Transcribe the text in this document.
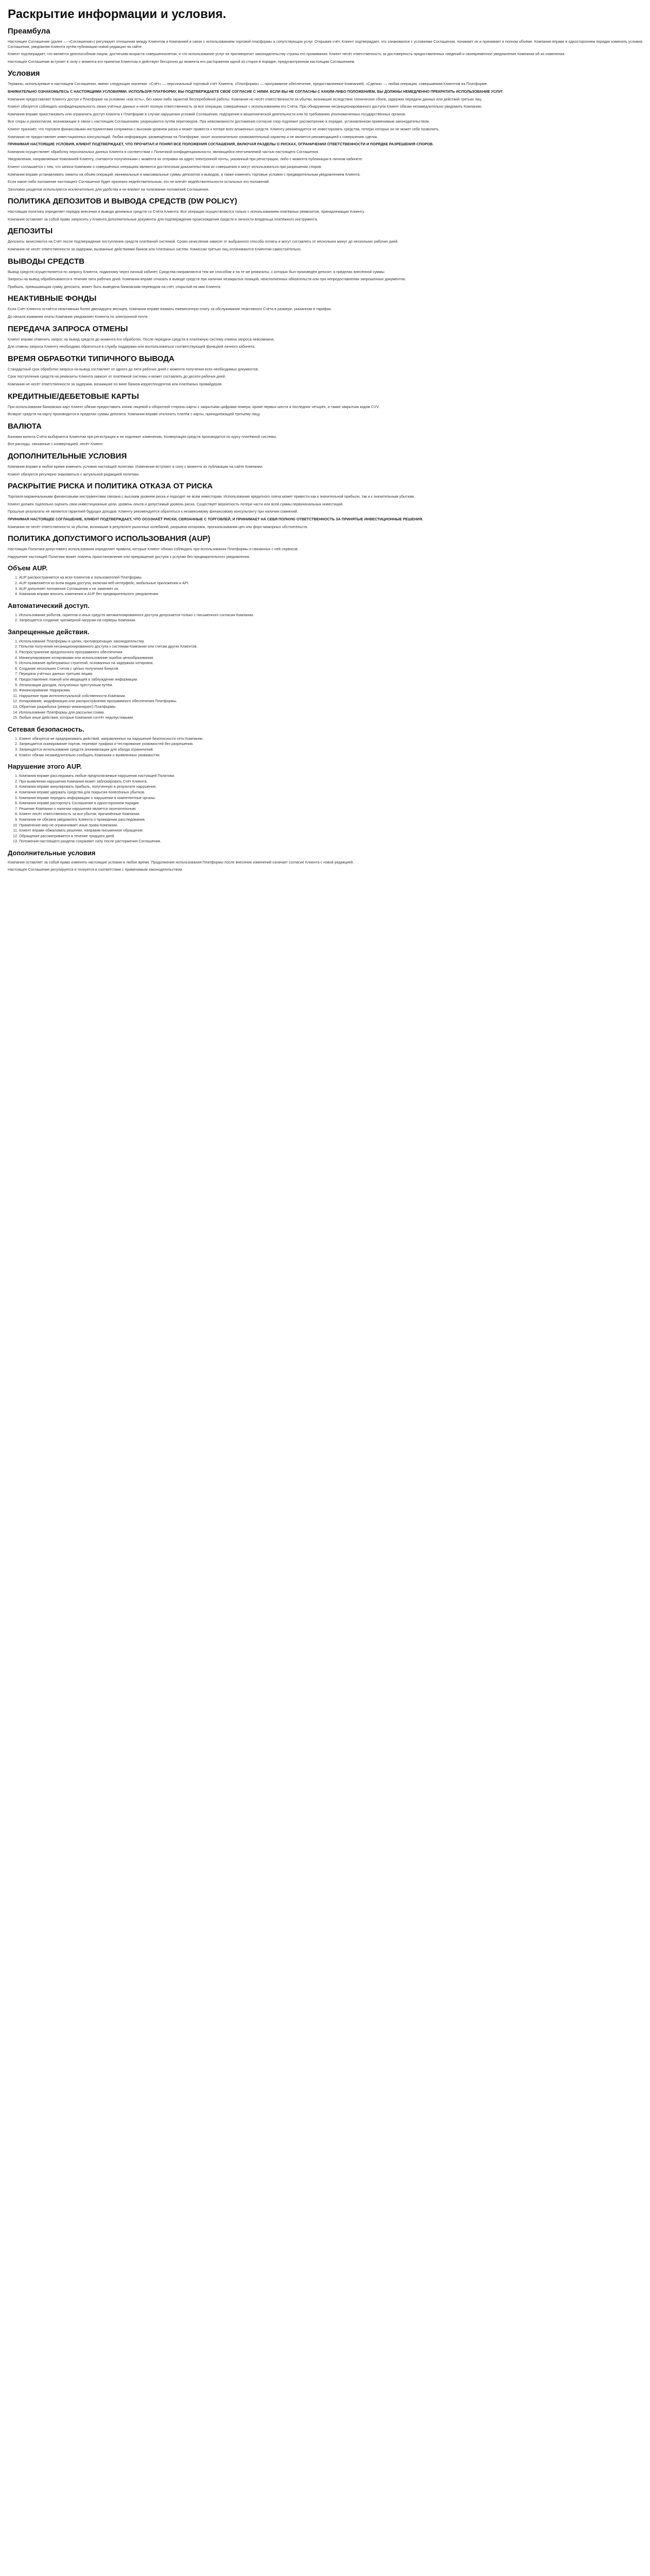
Раскрытие информации и условия.
Преамбула

Настоящее Соглашение (далее — «Соглашение») регулирует отношения между Клиентом и Компанией в связи с использованием торговой платформы и сопутствующих услуг. Открывая счёт, Клиент подтверждает, что ознакомился с условиями Соглашения, понимает их и принимает в полном объёме. Компания вправе в одностороннем порядке изменять условия Соглашения, уведомляя Клиента путём публикации новой редакции на сайте.

Клиент подтверждает, что является дееспособным лицом, достигшим возраста совершеннолетия, и что использование услуг не противоречит законодательству страны его проживания. Клиент несёт ответственность за достоверность предоставленных сведений и своевременное уведомление Компании об их изменении.

Настоящее Соглашение вступает в силу с момента его принятия Клиентом и действует бессрочно до момента его расторжения одной из сторон в порядке, предусмотренном настоящим Соглашением.

Условия

Термины, используемые в настоящем Соглашении, имеют следующие значения: «Счёт» — персональный торговый счёт Клиента; «Платформа» — программное обеспечение, предоставляемое Компанией; «Сделка» — любая операция, совершаемая Клиентом на Платформе.

ВНИМАТЕЛЬНО ОЗНАКОМЬТЕСЬ С НАСТОЯЩИМИ УСЛОВИЯМИ. ИСПОЛЬЗУЯ ПЛАТФОРМУ, ВЫ ПОДТВЕРЖДАЕТЕ СВОЁ СОГЛАСИЕ С НИМИ. ЕСЛИ ВЫ НЕ СОГЛАСНЫ С КАКИМ-ЛИБО ПОЛОЖЕНИЕМ, ВЫ ДОЛЖНЫ НЕМЕДЛЕННО ПРЕКРАТИТЬ ИСПОЛЬЗОВАНИЕ УСЛУГ.

Компания предоставляет Клиенту доступ к Платформе на условиях «как есть», без каких-либо гарантий бесперебойной работы. Компания не несёт ответственности за убытки, возникшие вследствие технических сбоев, задержек передачи данных или действий третьих лиц.

Клиент обязуется соблюдать конфиденциальность своих учётных данных и несёт полную ответственность за все операции, совершённые с использованием его Счёта. При обнаружении несанкционированного доступа Клиент обязан незамедлительно уведомить Компанию.

Компания вправе приостановить или ограничить доступ Клиента к Платформе в случае нарушения условий Соглашения, подозрения в мошеннической деятельности или по требованию уполномоченных государственных органов.

Все споры и разногласия, возникающие в связи с настоящим Соглашением, разрешаются путём переговоров. При невозможности достижения согласия спор подлежит рассмотрению в порядке, установленном применимым законодательством.

Клиент признаёт, что торговля финансовыми инструментами сопряжена с высоким уровнем риска и может привести к потере всех вложенных средств. Клиенту рекомендуется не инвестировать средства, потерю которых он не может себе позволить.

Компания не предоставляет инвестиционных консультаций. Любая информация, размещённая на Платформе, носит исключительно ознакомительный характер и не является рекомендацией к совершению сделок.

ПРИНИМАЯ НАСТОЯЩИЕ УСЛОВИЯ, КЛИЕНТ ПОДТВЕРЖДАЕТ, ЧТО ПРОЧИТАЛ И ПОНЯЛ ВСЕ ПОЛОЖЕНИЯ СОГЛАШЕНИЯ, ВКЛЮЧАЯ РАЗДЕЛЫ О РИСКАХ, ОГРАНИЧЕНИИ ОТВЕТСТВЕННОСТИ И ПОРЯДКЕ РАЗРЕШЕНИЯ СПОРОВ.

Компания осуществляет обработку персональных данных Клиента в соответствии с Политикой конфиденциальности, являющейся неотъемлемой частью настоящего Соглашения.

Уведомления, направляемые Компанией Клиенту, считаются полученными с момента их отправки на адрес электронной почты, указанный при регистрации, либо с момента публикации в личном кабинете.

Клиент соглашается с тем, что записи Компании о совершённых операциях являются достаточным доказательством их совершения и могут использоваться при разрешении споров.

Компания вправе устанавливать лимиты на объём операций, минимальные и максимальные суммы депозитов и выводов, а также изменять торговые условия с предварительным уведомлением Клиента.

Если какое-либо положение настоящего Соглашения будет признано недействительным, это не влечёт недействительности остальных его положений.

Заголовки разделов используются исключительно для удобства и не влияют на толкование положений Соглашения.

ПОЛИТИКА ДЕПОЗИТОВ И ВЫВОДА СРЕДСТВ (DW POLICY)

Настоящая политика определяет порядок внесения и вывода денежных средств со Счёта Клиента. Все операции осуществляются только с использованием платёжных реквизитов, принадлежащих Клиенту.

Компания оставляет за собой право запросить у Клиента дополнительные документы для подтверждения происхождения средств и личности владельца платёжного инструмента.

ДЕПОЗИТЫ

Депозиты зачисляются на Счёт после подтверждения поступления средств платёжной системой. Сроки зачисления зависят от выбранного способа оплаты и могут составлять от нескольких минут до нескольких рабочих дней.

Компания не несёт ответственности за задержки, вызванные действиями банков или платёжных систем. Комиссии третьих лиц оплачиваются Клиентом самостоятельно.

ВЫВОДЫ СРЕДСТВ

Вывод средств осуществляется по запросу Клиента, поданному через личный кабинет. Средства направляются тем же способом и на те же реквизиты, с которых был произведён депозит, в пределах внесённой суммы.

Запросы на вывод обрабатываются в течение пяти рабочих дней. Компания вправе отказать в выводе средств при наличии незакрытых позиций, неисполненных обязательств или при непредоставлении запрошенных документов.

Прибыль, превышающая сумму депозита, может быть выведена банковским переводом на счёт, открытый на имя Клиента.

НЕАКТИВНЫЕ ФОНДЫ

Если Счёт Клиента остаётся неактивным более двенадцати месяцев, Компания вправе взимать ежемесячную плату за обслуживание неактивного Счёта в размере, указанном в тарифах.

До начала взимания платы Компания уведомляет Клиента по электронной почте.

ПЕРЕДАЧА ЗАПРОСА ОТМЕНЫ

Клиент вправе отменить запрос на вывод средств до момента его обработки. После передачи средств в платёжную систему отмена запроса невозможна.

Для отмены запроса Клиенту необходимо обратиться в службу поддержки или воспользоваться соответствующей функцией личного кабинета.

ВРЕМЯ ОБРАБОТКИ ТИПИЧНОГО ВЫВОДА

Стандартный срок обработки запроса на вывод составляет от одного до пяти рабочих дней с момента получения всех необходимых документов.

Срок поступления средств на реквизиты Клиента зависит от платёжной системы и может составлять до десяти рабочих дней.

Компания не несёт ответственности за задержки, возникшие по вине банков-корреспондентов или платёжных провайдеров.

КРЕДИТНЫЕ/ДЕБЕТОВЫЕ КАРТЫ

При использовании банковских карт Клиент обязан предоставить копию лицевой и оборотной стороны карты с закрытыми цифрами номера, кроме первых шести и последних четырёх, а также закрытым кодом CVV.

Возврат средств на карту производится в пределах суммы депозита. Компания вправе отклонить платёж с карты, принадлежащей третьему лицу.

ВАЛЮТА

Базовая валюта Счёта выбирается Клиентом при регистрации и не подлежит изменению. Конвертация средств производится по курсу платёжной системы.

Все расходы, связанные с конвертацией, несёт Клиент.

ДОПОЛНИТЕЛЬНЫЕ УСЛОВИЯ

Компания вправе в любое время изменить условия настоящей политики. Изменения вступают в силу с момента их публикации на сайте Компании.

Клиент обязуется регулярно знакомиться с актуальной редакцией политики.

РАСКРЫТИЕ РИСКА И ПОЛИТИКА ОТКАЗА ОТ РИСКА

Торговля маржинальными финансовыми инструментами связана с высоким уровнем риска и подходит не всем инвесторам. Использование кредитного плеча может привести как к значительной прибыли, так и к значительным убыткам.

Клиент должен тщательно оценить свои инвестиционные цели, уровень опыта и допустимый уровень риска. Существует вероятность потери части или всей суммы первоначальных инвестиций.

Прошлые результаты не являются гарантией будущих доходов. Клиенту рекомендуется обратиться к независимому финансовому консультанту при наличии сомнений.

ПРИНИМАЯ НАСТОЯЩЕЕ СОГЛАШЕНИЕ, КЛИЕНТ ПОДТВЕРЖДАЕТ, ЧТО ОСОЗНАЁТ РИСКИ, СВЯЗАННЫЕ С ТОРГОВЛЕЙ, И ПРИНИМАЕТ НА СЕБЯ ПОЛНУЮ ОТВЕТСТВЕННОСТЬ ЗА ПРИНЯТЫЕ ИНВЕСТИЦИОННЫЕ РЕШЕНИЯ.

Компания не несёт ответственности за убытки, возникшие в результате рыночных колебаний, разрывов котировок, проскальзывания цен или форс-мажорных обстоятельств.

ПОЛИТИКА ДОПУСТИМОГО ИСПОЛЬЗОВАНИЯ (AUP)

Настоящая Политика допустимого использования определяет правила, которые Клиент обязан соблюдать при использовании Платформы и связанных с ней сервисов.

Нарушение настоящей Политики может повлечь приостановление или прекращение доступа к услугам без предварительного уведомления.

Объем AUP.
1. AUP распространяется на всех Клиентов и пользователей Платформы.
2. AUP применяется ко всем видам доступа, включая веб-интерфейс, мобильные приложения и API.
3. AUP дополняет положения Соглашения и не заменяет их.
4. Компания вправе вносить изменения в AUP без предварительного уведомления.
Автоматический доступ.
1. Использование роботов, скриптов и иных средств автоматизированного доступа допускается только с письменного согласия Компании.
2. Запрещается создание чрезмерной нагрузки на серверы Компании.
Запрещенные действия.
1. Использование Платформы в целях, противоречащих законодательству.
2. Попытки получения несанкционированного доступа к системам Компании или счетам других Клиентов.
3. Распространение вредоносного программного обеспечения.
4. Манипулирование котировками или использование ошибок ценообразования.
5. Использование арбитражных стратегий, основанных на задержках котировок.
6. Создание нескольких Счетов с целью получения бонусов.
7. Передача учётных данных третьим лицам.
8. Предоставление ложной или вводящей в заблуждение информации.
9. Легализация доходов, полученных преступным путём.
10. Финансирование терроризма.
11. Нарушение прав интеллектуальной собственности Компании.
12. Копирование, модификация или распространение программного обеспечения Платформы.
13. Обратная разработка (реверс-инжиниринг) Платформы.
14. Использование Платформы для рассылки спама.
15. Любые иные действия, которые Компания сочтёт недопустимыми.
Сетевая безопасность.
1. Клиент обязуется не предпринимать действий, направленных на нарушение безопасности сети Компании.
2. Запрещается сканирование портов, перехват трафика и тестирование уязвимостей без разрешения.
3. Запрещается использование средств анонимизации для обхода ограничений.
4. Клиент обязан незамедлительно сообщать Компании о выявленных уязвимостях.
Нарушение этого AUP.
1. Компания вправе расследовать любые предполагаемые нарушения настоящей Политики.
2. При выявлении нарушения Компания может заблокировать Счёт Клиента.
3. Компания вправе аннулировать прибыль, полученную в результате нарушения.
4. Компания вправе удержать средства для покрытия понесённых убытков.
5. Компания вправе передать информацию о нарушении в компетентные органы.
6. Компания вправе расторгнуть Соглашение в одностороннем порядке.
7. Решение Компании о наличии нарушения является окончательным.
8. Клиент несёт ответственность за все убытки, причинённые Компании.
9. Компания не обязана уведомлять Клиента о проведении расследования.
10. Применение мер не ограничивает иные права Компании.
11. Клиент вправе обжаловать решение, направив письменное обращение.
12. Обращение рассматривается в течение тридцати дней.
13. Положения настоящего раздела сохраняют силу после расторжения Соглашения.
Дополнительные условия

Компания оставляет за собой право изменять настоящие условия в любое время. Продолжение использования Платформы после внесения изменений означает согласие Клиента с новой редакцией.

Настоящее Соглашение регулируется и толкуется в соответствии с применимым законодательством.
